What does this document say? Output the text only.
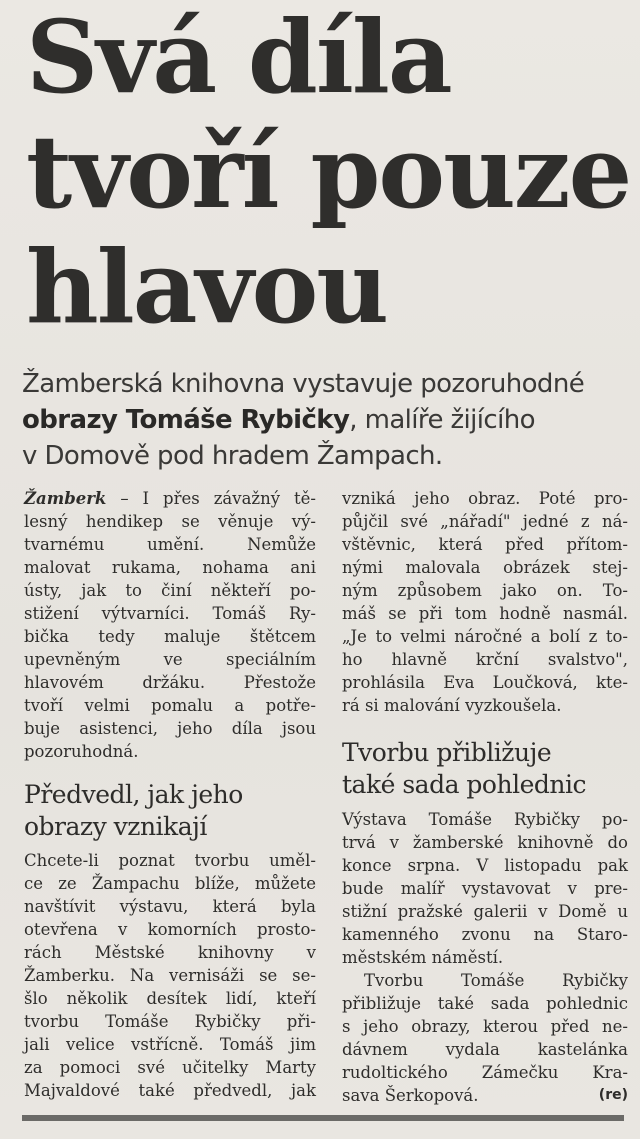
Svá díla
tvoří pouze
hlavou
Žamberská knihovna vystavuje pozoruhodné
obrazy Tomáše Rybičky, malíře žijícího
v Domově pod hradem Žampach.
Žamberk – I přes závažný tě-
lesný hendikep se věnuje vý-
tvarnému umění. Nemůže
malovat rukama, nohama ani
ústy, jak to činí někteří po-
stižení výtvarníci. Tomáš Ry-
bička tedy maluje štětcem
upevněným ve speciálním
hlavovém držáku. Přestože
tvoří velmi pomalu a potře-
buje asistenci, jeho díla jsou
pozoruhodná.
Předvedl, jak jeho
obrazy vznikají
Chcete-li poznat tvorbu uměl-
ce ze Žampachu blíže, můžete
navštívit výstavu, která byla
otevřena v komorních prosto-
rách Městské knihovny v
Žamberku. Na vernisáži se se-
šlo několik desítek lidí, kteří
tvorbu Tomáše Rybičky při-
jali velice vstřícně. Tomáš jim
za pomoci své učitelky Marty
Majvaldové také předvedl, jak
vzniká jeho obraz. Poté pro-
půjčil své „nářadí" jedné z ná-
vštěvnic, která před přítom-
nými malovala obrázek stej-
ným způsobem jako on. To-
máš se při tom hodně nasmál.
„Je to velmi náročné a bolí z to-
ho hlavně krční svalstvo",
prohlásila Eva Loučková, kte-
rá si malování vyzkoušela.
Tvorbu přibližuje
také sada pohlednic
Výstava Tomáše Rybičky po-
trvá v žamberské knihovně do
konce srpna. V listopadu pak
bude malíř vystavovat v pre-
stižní pražské galerii v Domě u
kamenného zvonu na Staro-
městském náměstí.
Tvorbu Tomáše Rybičky
přibližuje také sada pohlednic
s jeho obrazy, kterou před ne-
dávnem vydala kastelánka
rudoltického Zámečku Kra-
sava Šerkopová.	(re)
